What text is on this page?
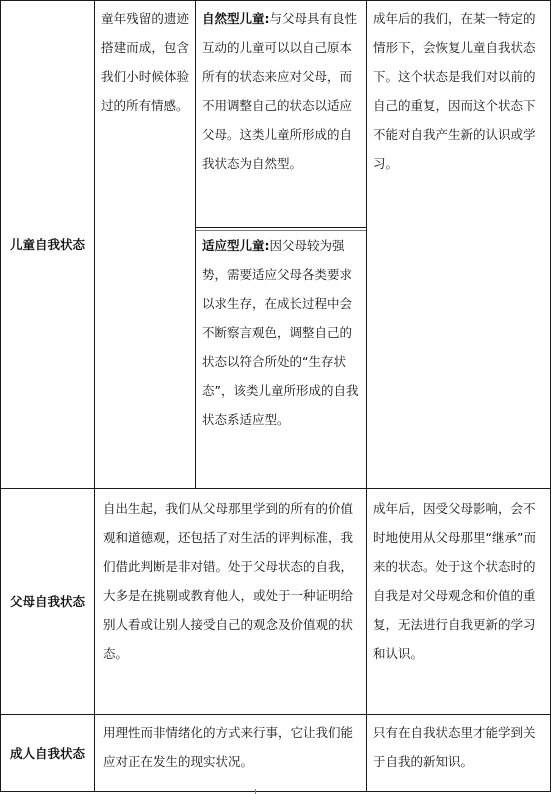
儿童自我状态
童年残留的遗迹搭建而成，包含我们小时候体验过的所有情感。
自然型儿童:与父母具有良性互动的儿童可以以自己原本所有的状态来应对父母，而不用调整自己的状态以适应父母。这类儿童所形成的自我状态为自然型。
适应型儿童:因父母较为强势，需要适应父母各类要求以求生存，在成长过程中会不断察言观色，调整自己的状态以符合所处的“生存状态”，该类儿童所形成的自我状态系适应型。
成年后的我们，在某一特定的情形下，会恢复儿童自我状态下。这个状态是我们对以前的自己的重复，因而这个状态下不能对自我产生新的认识或学习。
父母自我状态
自出生起，我们从父母那里学到的所有的价值观和道德观，还包括了对生活的评判标准，我们借此判断是非对错。处于父母状态的自我，大多是在挑剔或教育他人，或处于一种证明给别人看或让别人接受自己的观念及价值观的状态。
成年后，因受父母影响，会不时地使用从父母那里“继承”而来的状态。处于这个状态时的自我是对父母观念和价值的重复，无法进行自我更新的学习和认识。
成人自我状态
用理性而非情绪化的方式来行事，它让我们能应对正在发生的现实状况。
只有在自我状态里才能学到关于自我的新知识。
